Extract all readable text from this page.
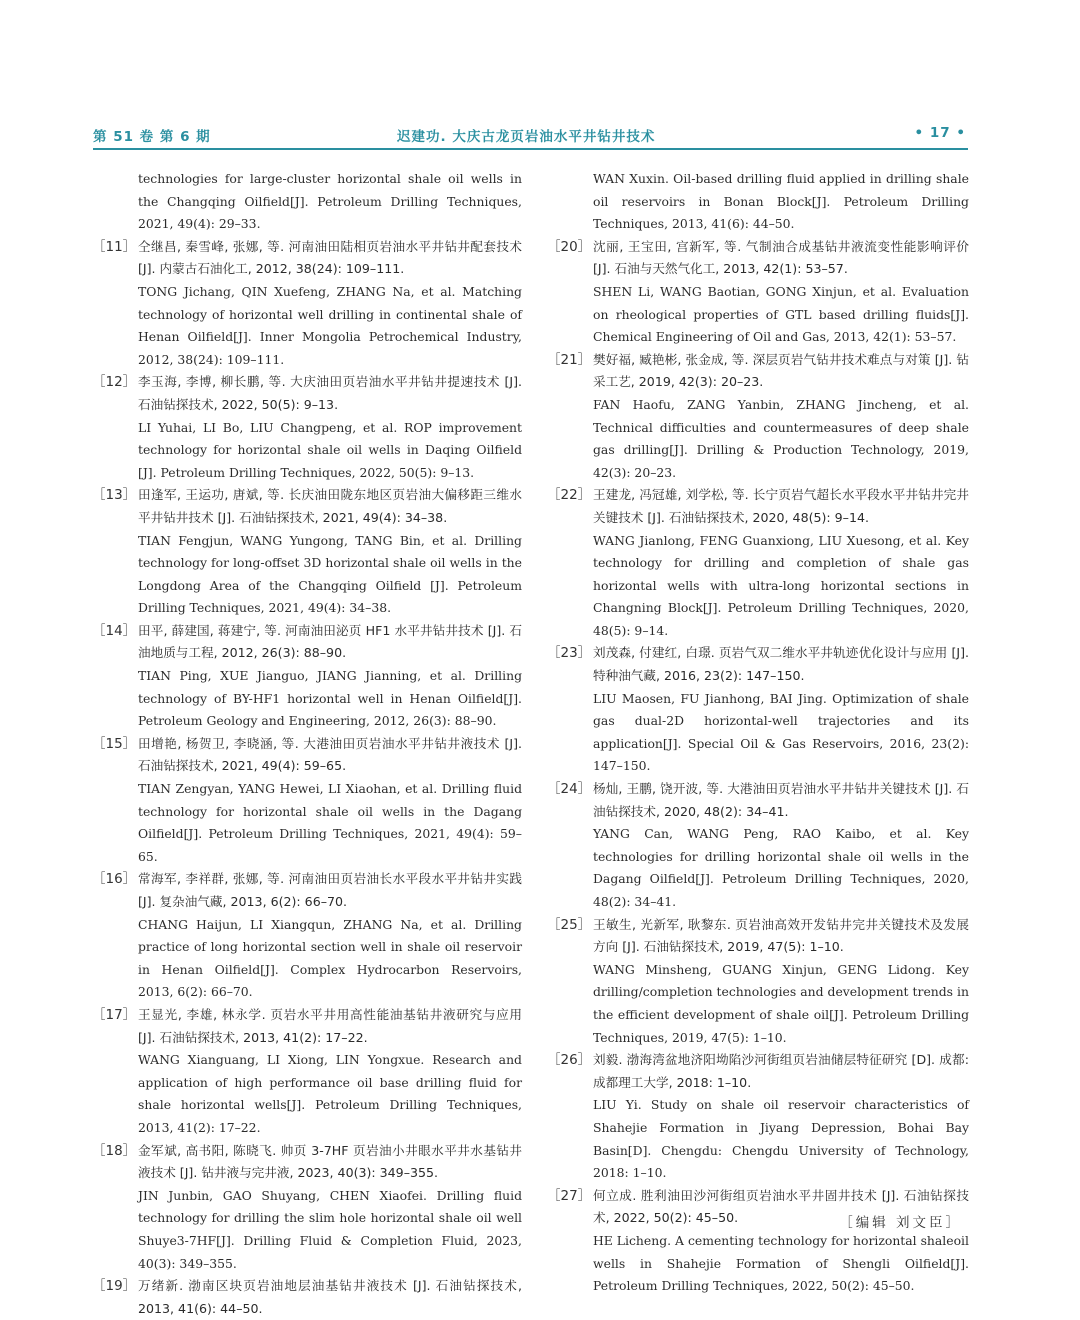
第 51 卷 第 6 期	迟建功. 大庆古龙页岩油水平井钻井技术	• 17 •
technologies for large-cluster horizontal shale oil wells in the Changqing Oilfield[J]. Petroleum Drilling Techniques, 2021, 49(4): 29–33.
［11］ 仝继昌, 秦雪峰, 张娜, 等. 河南油田陆相页岩油水平井钻井配套技术 [J]. 内蒙古石油化工, 2012, 38(24): 109–111.
TONG Jichang, QIN Xuefeng, ZHANG Na, et al. Matching technology of horizontal well drilling in continental shale of Henan Oilfield[J]. Inner Mongolia Petrochemical Industry, 2012, 38(24): 109–111.
［12］ 李玉海, 李博, 柳长鹏, 等. 大庆油田页岩油水平井钻井提速技术 [J]. 石油钻探技术, 2022, 50(5): 9–13.
LI Yuhai, LI Bo, LIU Changpeng, et al. ROP improvement technology for horizontal shale oil wells in Daqing Oilfield [J]. Petroleum Drilling Techniques, 2022, 50(5): 9–13.
［13］ 田逢军, 王运功, 唐斌, 等. 长庆油田陇东地区页岩油大偏移距三维水平井钻井技术 [J]. 石油钻探技术, 2021, 49(4): 34–38.
TIAN Fengjun, WANG Yungong, TANG Bin, et al. Drilling technology for long-offset 3D horizontal shale oil wells in the Longdong Area of the Changqing Oilfield [J]. Petroleum Drilling Techniques, 2021, 49(4): 34–38.
［14］ 田平, 薛建国, 蒋建宁, 等. 河南油田泌页 HF1 水平井钻井技术 [J]. 石油地质与工程, 2012, 26(3): 88–90.
TIAN Ping, XUE Jianguo, JIANG Jianning, et al. Drilling technology of BY-HF1 horizontal well in Henan Oilfield[J]. Petroleum Geology and Engineering, 2012, 26(3): 88–90.
［15］ 田增艳, 杨贺卫, 李晓涵, 等. 大港油田页岩油水平井钻井液技术 [J]. 石油钻探技术, 2021, 49(4): 59–65.
TIAN Zengyan, YANG Hewei, LI Xiaohan, et al. Drilling fluid technology for horizontal shale oil wells in the Dagang Oilfield[J]. Petroleum Drilling Techniques, 2021, 49(4): 59–65.
［16］ 常海军, 李祥群, 张娜, 等. 河南油田页岩油长水平段水平井钻井实践 [J]. 复杂油气藏, 2013, 6(2): 66–70.
CHANG Haijun, LI Xiangqun, ZHANG Na, et al. Drilling practice of long horizontal section well in shale oil reservoir in Henan Oilfield[J]. Complex Hydrocarbon Reservoirs, 2013, 6(2): 66–70.
［17］ 王显光, 李雄, 林永学. 页岩水平井用高性能油基钻井液研究与应用 [J]. 石油钻探技术, 2013, 41(2): 17–22.
WANG Xianguang, LI Xiong, LIN Yongxue. Research and application of high performance oil base drilling fluid for shale horizontal wells[J]. Petroleum Drilling Techniques, 2013, 41(2): 17–22.
［18］ 金军斌, 高书阳, 陈晓飞. 帅页 3-7HF 页岩油小井眼水平井水基钻井液技术 [J]. 钻井液与完井液, 2023, 40(3): 349–355.
JIN Junbin, GAO Shuyang, CHEN Xiaofei. Drilling fluid technology for drilling the slim hole horizontal shale oil well Shuye3-7HF[J]. Drilling Fluid & Completion Fluid, 2023, 40(3): 349–355.
［19］ 万绪新. 渤南区块页岩油地层油基钻井液技术 [J]. 石油钻探技术, 2013, 41(6): 44–50.
WAN Xuxin. Oil-based drilling fluid applied in drilling shale oil reservoirs in Bonan Block[J]. Petroleum Drilling Techniques, 2013, 41(6): 44–50.
［20］ 沈丽, 王宝田, 宫新军, 等. 气制油合成基钻井液流变性能影响评价 [J]. 石油与天然气化工, 2013, 42(1): 53–57.
SHEN Li, WANG Baotian, GONG Xinjun, et al. Evaluation on rheological properties of GTL based drilling fluids[J]. Chemical Engineering of Oil and Gas, 2013, 42(1): 53–57.
［21］ 樊好福, 臧艳彬, 张金成, 等. 深层页岩气钻井技术难点与对策 [J]. 钻采工艺, 2019, 42(3): 20–23.
FAN Haofu, ZANG Yanbin, ZHANG Jincheng, et al. Technical difficulties and countermeasures of deep shale gas drilling[J]. Drilling & Production Technology, 2019, 42(3): 20–23.
［22］ 王建龙, 冯冠雄, 刘学松, 等. 长宁页岩气超长水平段水平井钻井完井关键技术 [J]. 石油钻探技术, 2020, 48(5): 9–14.
WANG Jianlong, FENG Guanxiong, LIU Xuesong, et al. Key technology for drilling and completion of shale gas horizontal wells with ultra-long horizontal sections in Changning Block[J]. Petroleum Drilling Techniques, 2020, 48(5): 9–14.
［23］ 刘茂森, 付建红, 白璟. 页岩气双二维水平井轨迹优化设计与应用 [J]. 特种油气藏, 2016, 23(2): 147–150.
LIU Maosen, FU Jianhong, BAI Jing. Optimization of shale gas dual-2D horizontal-well trajectories and its application[J]. Special Oil & Gas Reservoirs, 2016, 23(2): 147–150.
［24］ 杨灿, 王鹏, 饶开波, 等. 大港油田页岩油水平井钻井关键技术 [J]. 石油钻探技术, 2020, 48(2): 34–41.
YANG Can, WANG Peng, RAO Kaibo, et al. Key technologies for drilling horizontal shale oil wells in the Dagang Oilfield[J]. Petroleum Drilling Techniques, 2020, 48(2): 34–41.
［25］ 王敏生, 光新军, 耿黎东. 页岩油高效开发钻井完井关键技术及发展方向 [J]. 石油钻探技术, 2019, 47(5): 1–10.
WANG Minsheng, GUANG Xinjun, GENG Lidong. Key drilling/completion technologies and development trends in the efficient development of shale oil[J]. Petroleum Drilling Techniques, 2019, 47(5): 1–10.
［26］ 刘毅. 渤海湾盆地济阳坳陷沙河街组页岩油储层特征研究 [D]. 成都: 成都理工大学, 2018: 1–10.
LIU Yi. Study on shale oil reservoir characteristics of Shahejie Formation in Jiyang Depression, Bohai Bay Basin[D]. Chengdu: Chengdu University of Technology, 2018: 1–10.
［27］ 何立成. 胜利油田沙河街组页岩油水平井固井技术 [J]. 石油钻探技术, 2022, 50(2): 45–50.
HE Licheng. A cementing technology for horizontal shaleoil wells in Shahejie Formation of Shengli Oilfield[J]. Petroleum Drilling Techniques, 2022, 50(2): 45–50.
［编辑 刘文臣］
